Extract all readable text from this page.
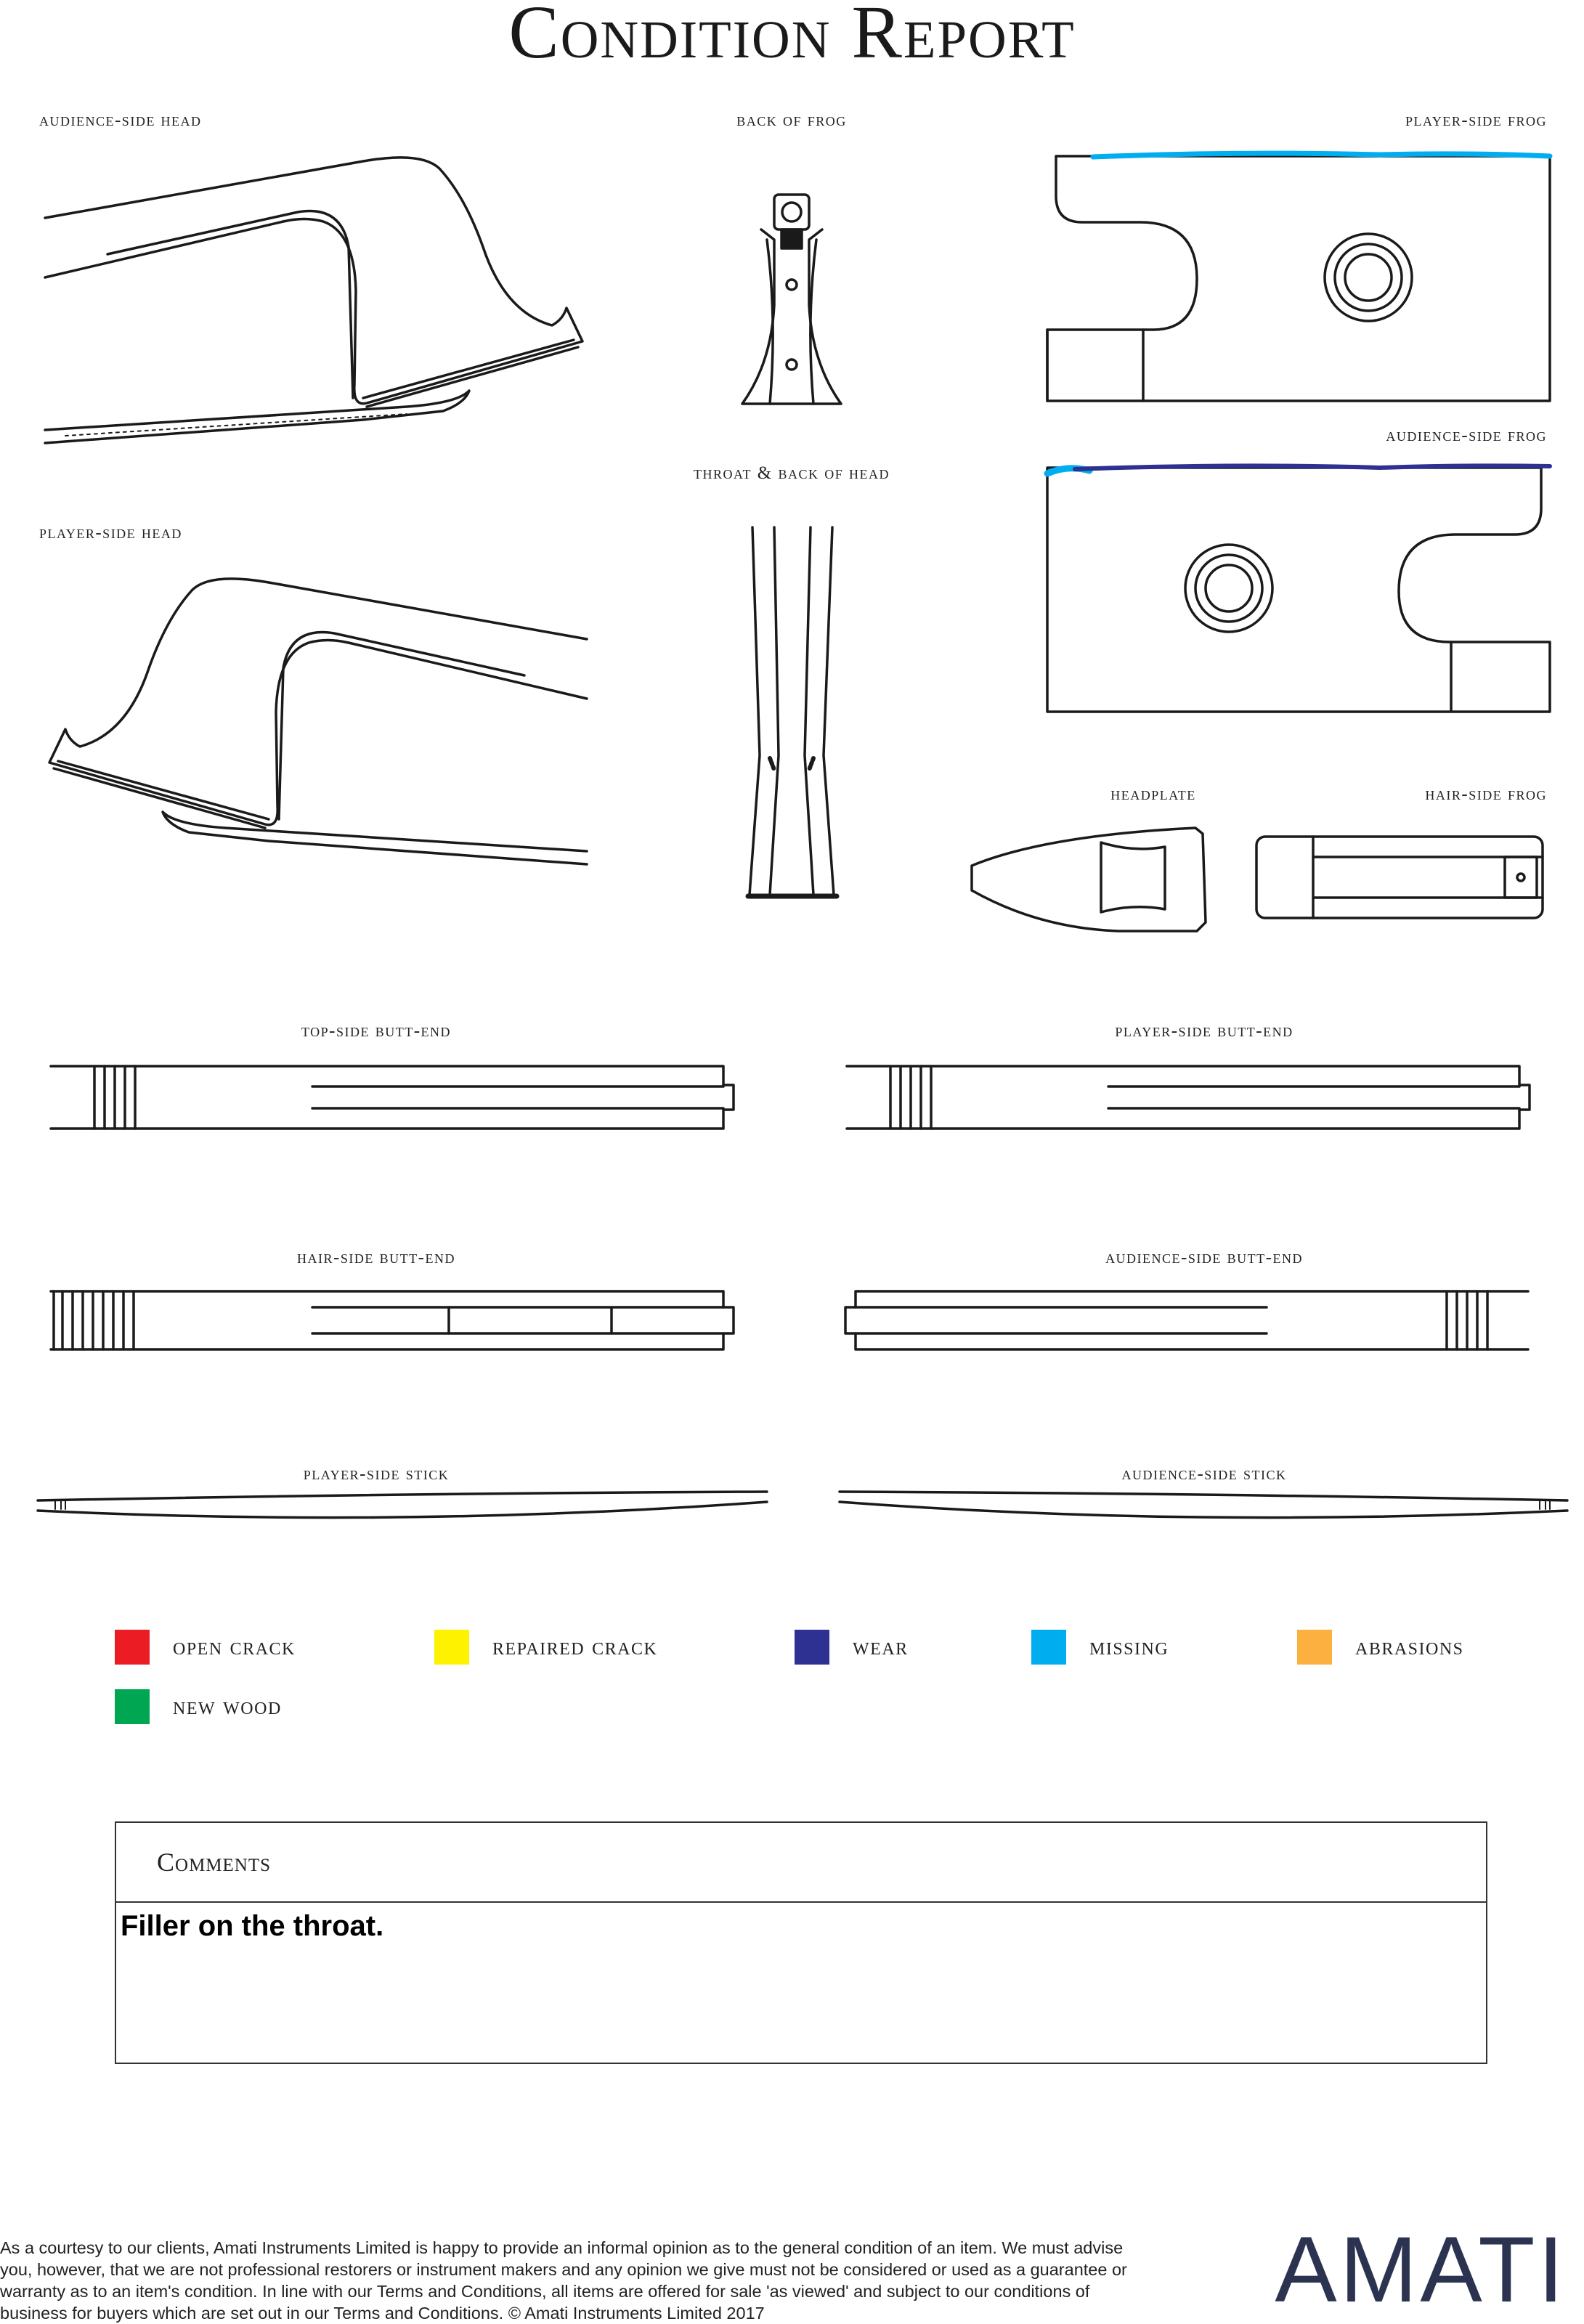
Condition Report
audience-side head	back of frog	player-side frog
throat & back of head
audience-side frog
player-side head
headplate	hair-side frog
top-side butt-end	player-side butt-end
hair-side butt-end	audience-side butt-end
player-side stick	audience-side stick
open crack	repaired crack	wear	missing	abrasions
new wood
Comments
Filler on the throat.
As a courtesy to our clients, Amati Instruments Limited is happy to provide an informal opinion as to the general condition of an item. We must advise you, however, that we are not professional restorers or instrument makers and any opinion we give must not be considered or used as a guarantee or warranty as to an item's condition. In line with our Terms and Conditions, all items are offered for sale 'as viewed' and subject to our conditions of business for buyers which are set out in our Terms and Conditions. © Amati Instruments Limited 2017	AMATI
